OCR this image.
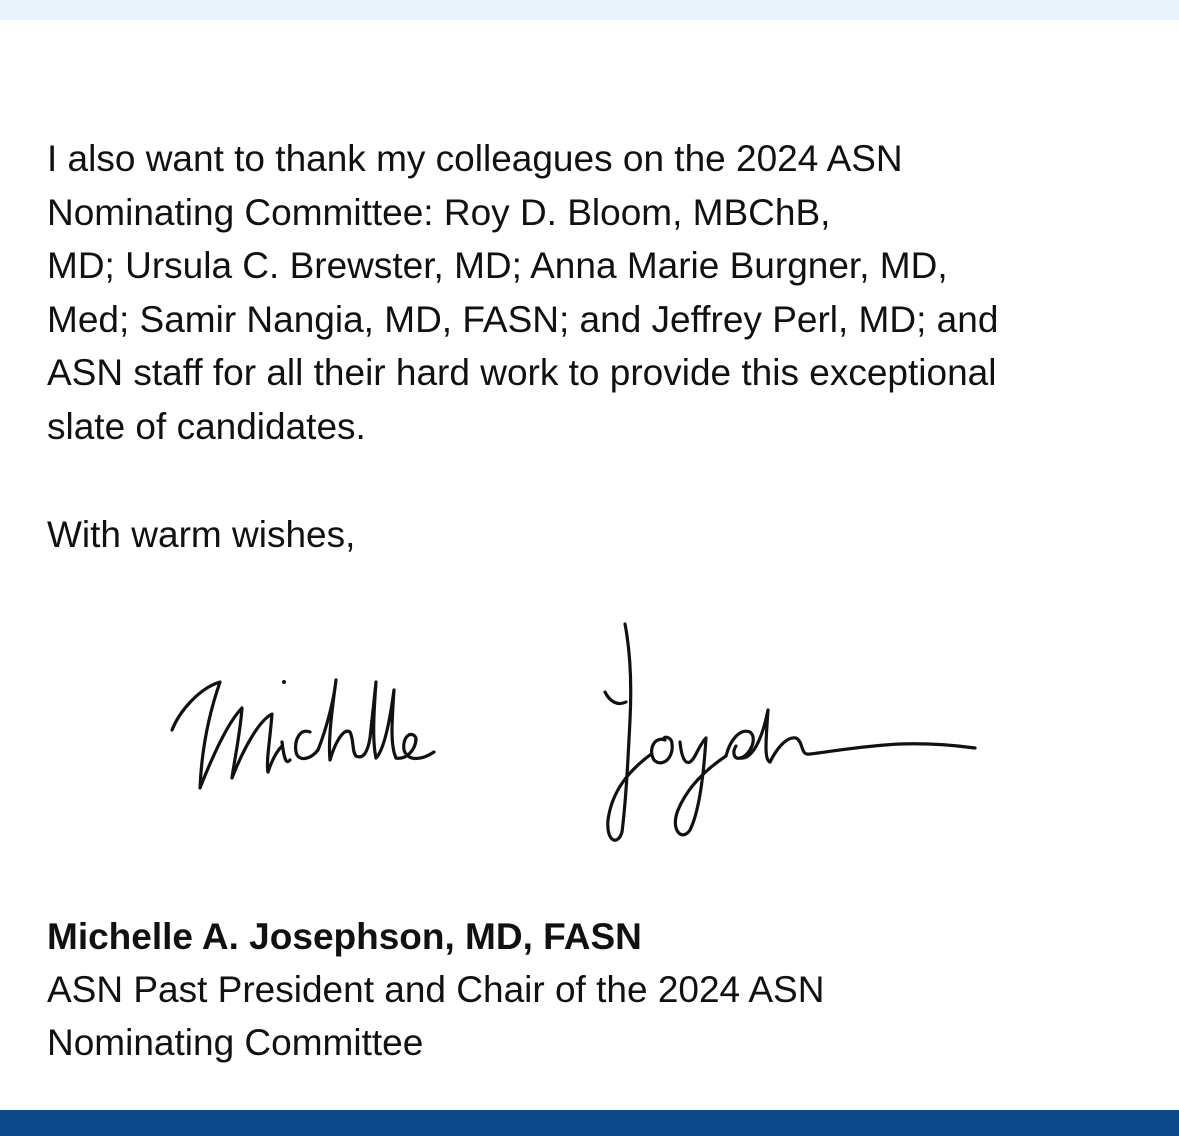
I also want to thank my colleagues on the 2024 ASN
Nominating Committee: Roy D. Bloom, MBChB,
MD; Ursula C. Brewster, MD; Anna Marie Burgner, MD,
Med; Samir Nangia, MD, FASN; and Jeffrey Perl, MD; and
ASN staff for all their hard work to provide this exceptional
slate of candidates.

With warm wishes,

Michelle A. Josephson, MD, FASN
ASN Past President and Chair of the 2024 ASN
Nominating Committee
